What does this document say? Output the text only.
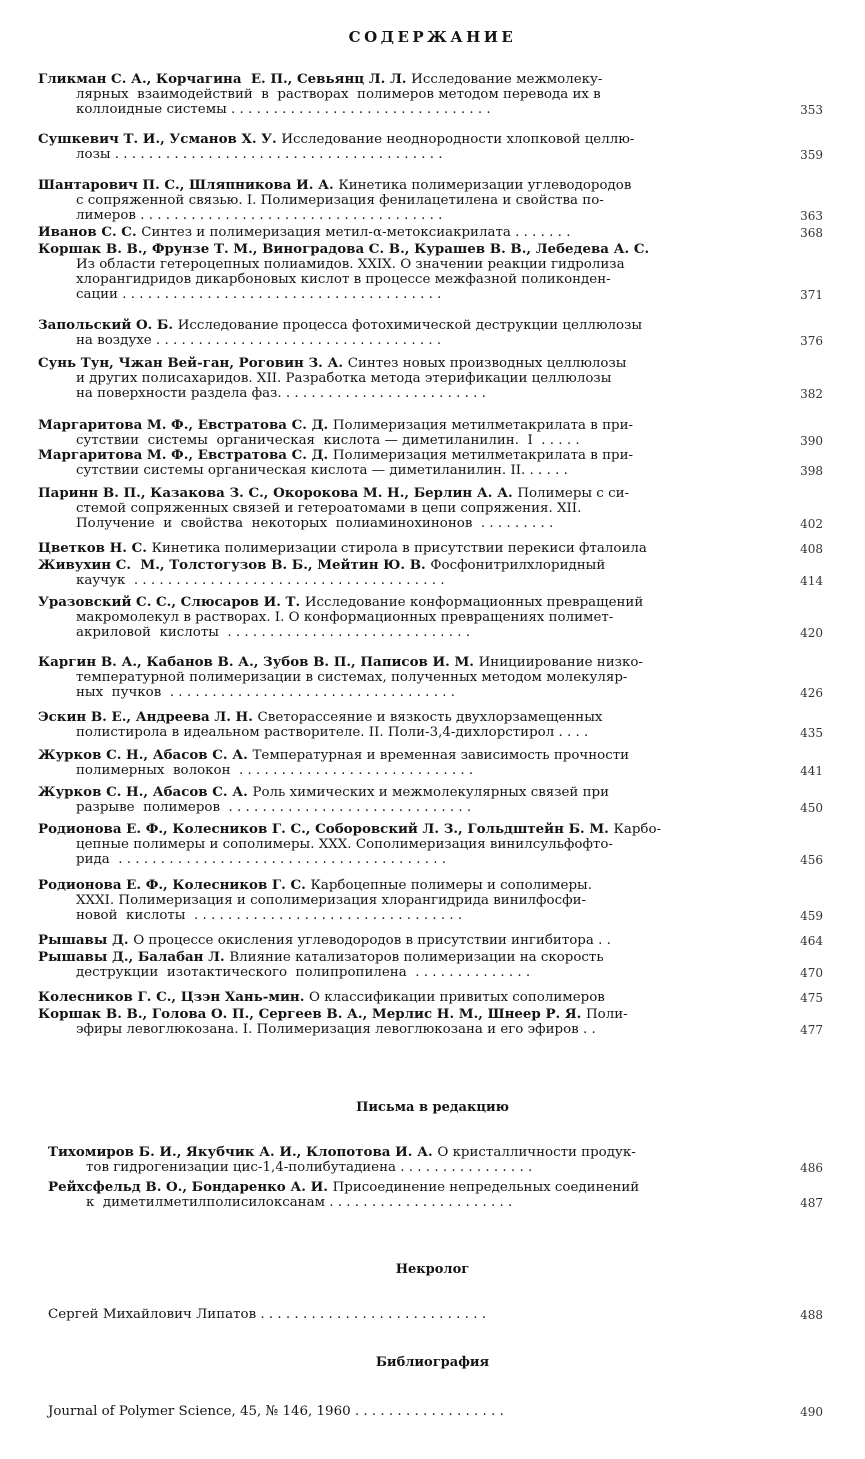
СОДЕРЖАНИЕ
Гликман С. А., Корчагина  Е. П., Севьянц Л. Л. Исследование межмолеку-
лярных  взаимодействий  в  растворах  полимеров методом перевода их в
коллоидные системы . . . . . . . . . . . . . . . . . . . . . . . . . . . . . . .	353
Сушкевич Т. И., Усманов Х. У. Исследование неоднородности хлопковой целлю-
лозы . . . . . . . . . . . . . . . . . . . . . . . . . . . . . . . . . . . . . . .	359
Шантарович П. С., Шляпникова И. А. Кинетика полимеризации углеводородов
с сопряженной связью. I. Полимеризация фенилацетилена и свойства по-
лимеров . . . . . . . . . . . . . . . . . . . . . . . . . . . . . . . . . . . .	363
Иванов С. С. Синтез и полимеризация метил-α-метоксиакрилата . . . . . . .	368
Коршак В. В., Фрунзе Т. М., Виноградова С. В., Курашев В. В., Лебедева А. С.
Из области гетероцепных полиамидов. XXIX. О значении реакции гидролиза
хлорангидридов дикарбоновых кислот в процессе межфазной поликонден-
сации . . . . . . . . . . . . . . . . . . . . . . . . . . . . . . . . . . . . . .	371
Запольский О. Б. Исследование процесса фотохимической деструкции целлюлозы
на воздухе . . . . . . . . . . . . . . . . . . . . . . . . . . . . . . . . . .	376
Сунь Тун, Чжан Вей-ган, Роговин З. А. Синтез новых производных целлюлозы
и других полисахаридов. XII. Разработка метода этерификации целлюлозы
на поверхности раздела фаз. . . . . . . . . . . . . . . . . . . . . . . . .	382
Маргаритова М. Ф., Евстратова С. Д. Полимеризация метилметакрилата в при-
сутствии  системы  органическая  кислота — диметиланилин.  I  . . . . .	390
Маргаритова М. Ф., Евстратова С. Д. Полимеризация метилметакрилата в при-
сутствии системы органическая кислота — диметиланилин. II. . . . . .	398
Паринн В. П., Казакова З. С., Окорокова М. Н., Берлин А. А. Полимеры с си-
стемой сопряженных связей и гетероатомами в цепи сопряжения. XII.
Получение  и  свойства  некоторых  полиаминохинонов  . . . . . . . . .	402
Цветков Н. С. Кинетика полимеризации стирола в присутствии перекиси фталоила	408
Живухин С.  М., Толстогузов В. Б., Мейтин Ю. В. Фосфонитрилхлоридный
каучук  . . . . . . . . . . . . . . . . . . . . . . . . . . . . . . . . . . . . .	414
Уразовский С. С., Слюсаров И. Т. Исследование конформационных превращений
макромолекул в растворах. I. О конформационных превращениях полимет-
акриловой  кислоты  . . . . . . . . . . . . . . . . . . . . . . . . . . . . .	420
Каргин В. А., Кабанов В. А., Зубов В. П., Паписов И. М. Инициирование низко-
температурной полимеризации в системах, полученных методом молекуляр-
ных  пучков  . . . . . . . . . . . . . . . . . . . . . . . . . . . . . . . . . .	426
Эскин В. Е., Андреева Л. Н. Светорассеяние и вязкость двухлорзамещенных
полистирола в идеальном растворителе. II. Поли-3,4-дихлорстирол . . . .	435
Журков С. Н., Абасов С. А. Температурная и временная зависимость прочности
полимерных  волокон  . . . . . . . . . . . . . . . . . . . . . . . . . . . .	441
Журков С. Н., Абасов С. А. Роль химических и межмолекулярных связей при
разрыве  полимеров  . . . . . . . . . . . . . . . . . . . . . . . . . . . . .	450
Родионова Е. Ф., Колесников Г. С., Соборовский Л. З., Гольдштейн Б. М. Карбо-
цепные полимеры и сополимеры. XXX. Сополимеризация винилсульфофто-
рида  . . . . . . . . . . . . . . . . . . . . . . . . . . . . . . . . . . . . . . .	456
Родионова Е. Ф., Колесников Г. С. Карбоцепные полимеры и сополимеры.
XXXI. Полимеризация и сополимеризация хлорангидрида винилфосфи-
новой  кислоты  . . . . . . . . . . . . . . . . . . . . . . . . . . . . . . . .	459
Рышавы Д. О процессе окисления углеводородов в присутствии ингибитора . .	464
Рышавы Д., Балабан Л. Влияние катализаторов полимеризации на скорость
деструкции  изотактического  полипропилена  . . . . . . . . . . . . . .	470
Колесников Г. С., Цзэн Хань-мин. О классификации привитых сополимеров	475
Коршак В. В., Голова О. П., Сергеев В. А., Мерлис Н. М., Шнеер Р. Я. Поли-
эфиры левоглюкозана. I. Полимеризация левоглюкозана и его эфиров . .	477
Письма в редакцию
Тихомиров Б. И., Якубчик А. И., Клопотова И. А. О кристалличности продук-
тов гидрогенизации цис-1,4-полибутадиена . . . . . . . . . . . . . . . .	486
Рейхсфельд В. О., Бондаренко А. И. Присоединение непредельных соединений
к  диметилметилполисилоксанам . . . . . . . . . . . . . . . . . . . . . .	487
Некролог
Сергей Михайлович Липатов . . . . . . . . . . . . . . . . . . . . . . . . . . .	488
Библиография
Journal of Polymer Science, 45, № 146, 1960 . . . . . . . . . . . . . . . . . .	490
